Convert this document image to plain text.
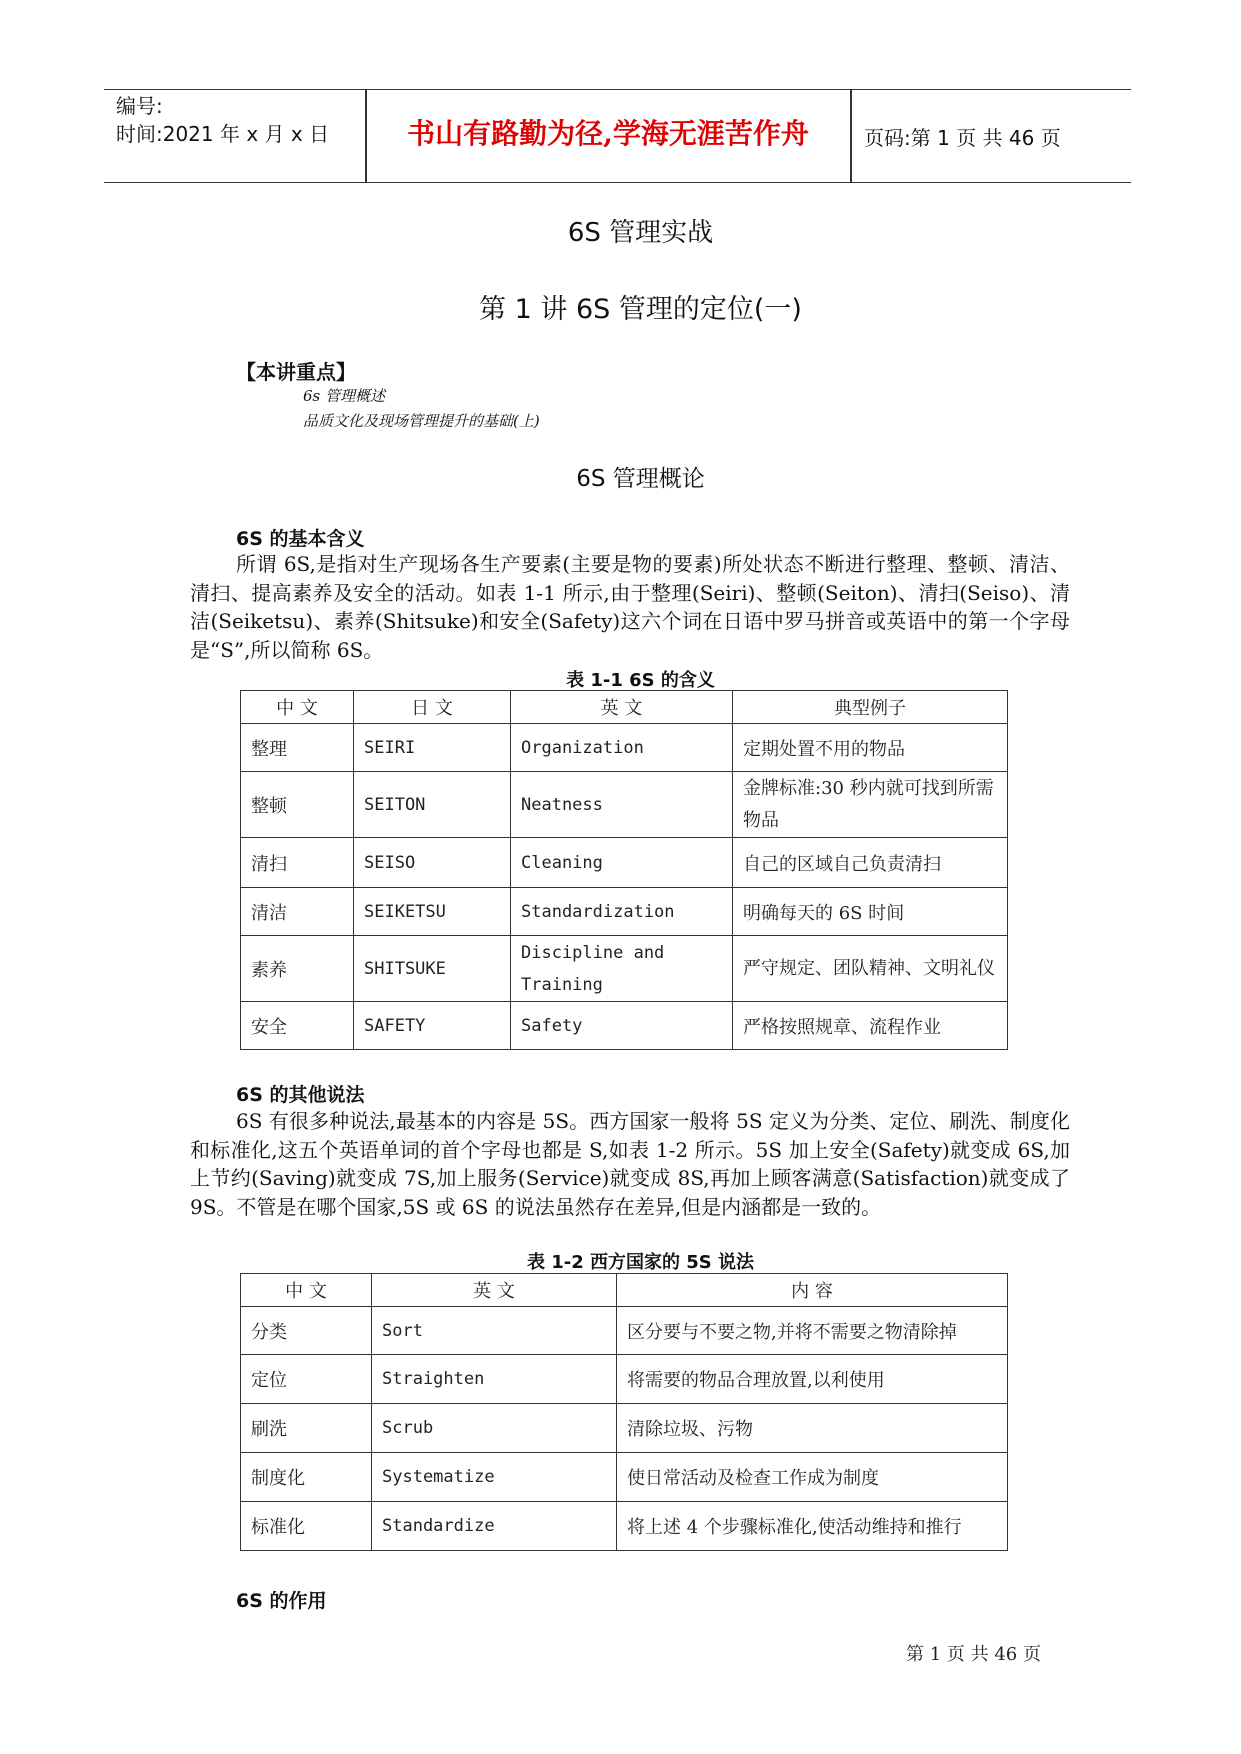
编号:
时间:2021 年 x 月 x 日	书山有路勤为径,学海无涯苦作舟	页码:第 1 页 共 46 页
6S 管理实战
第 1 讲 6S 管理的定位(一)
【本讲重点】
6s 管理概述
品质文化及现场管理提升的基础(上)
6S 管理概论
6S 的基本含义
所谓 6S,是指对生产现场各生产要素(主要是物的要素)所处状态不断进行整理、整顿、清洁、清扫、提高素养及安全的活动。如表 1-1 所示,由于整理(Seiri)、整顿(Seiton)、清扫(Seiso)、清洁(Seiketsu)、素养(Shitsuke)和安全(Safety)这六个词在日语中罗马拼音或英语中的第一个字母是“S”,所以简称 6S。
表 1-1 6S 的含义
中 文	日 文	英 文	典型例子
整理	SEIRI	Organization	定期处置不用的物品
整顿	SEITON	Neatness	金牌标准:30 秒内就可找到所需物品
清扫	SEISO	Cleaning	自己的区域自己负责清扫
清洁	SEIKETSU	Standardization	明确每天的 6S 时间
素养	SHITSUKE	Discipline and Training	严守规定、团队精神、文明礼仪
安全	SAFETY	Safety	严格按照规章、流程作业
6S 的其他说法
6S 有很多种说法,最基本的内容是 5S。西方国家一般将 5S 定义为分类、定位、刷洗、制度化和标准化,这五个英语单词的首个字母也都是 S,如表 1-2 所示。5S 加上安全(Safety)就变成 6S,加上节约(Saving)就变成 7S,加上服务(Service)就变成 8S,再加上顾客满意(Satisfaction)就变成了 9S。不管是在哪个国家,5S 或 6S 的说法虽然存在差异,但是内涵都是一致的。
表 1-2 西方国家的 5S 说法
中 文	英 文	内 容
分类	Sort	区分要与不要之物,并将不需要之物清除掉
定位	Straighten	将需要的物品合理放置,以利使用
刷洗	Scrub	清除垃圾、污物
制度化	Systematize	使日常活动及检查工作成为制度
标准化	Standardize	将上述 4 个步骤标准化,使活动维持和推行
6S 的作用
第 1 页 共 46 页
